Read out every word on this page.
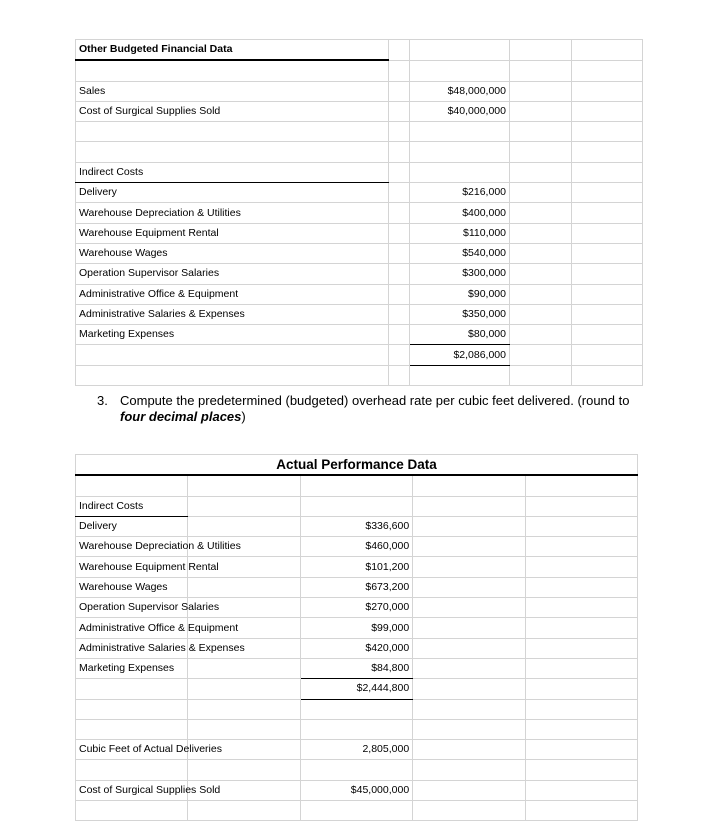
Other Budgeted Financial Data				

Sales		$48,000,000		
Cost of Surgical Supplies Sold		$40,000,000		

Indirect Costs				
Delivery		$216,000		
Warehouse Depreciation & Utilities		$400,000		
Warehouse Equipment Rental		$110,000		
Warehouse Wages		$540,000		
Operation Supervisor Salaries		$300,000		
Administrative Office & Equipment		$90,000		
Administrative Salaries & Expenses		$350,000		
Marketing Expenses		$80,000		
		$2,086,000		

3. Compute the predetermined (budgeted) overhead rate per cubic feet delivered. (round to
four decimal places)
Actual Performance Data				

Indirect Costs				
Delivery		$336,600		
Warehouse Depreciation & Utilities		$460,000		
Warehouse Equipment Rental		$101,200		
Warehouse Wages		$673,200		
Operation Supervisor Salaries		$270,000		
Administrative Office & Equipment		$99,000		
Administrative Salaries & Expenses		$420,000		
Marketing Expenses		$84,800		
		$2,444,800		

Cubic Feet of Actual Deliveries		2,805,000		

Cost of Surgical Supplies Sold		$45,000,000		
